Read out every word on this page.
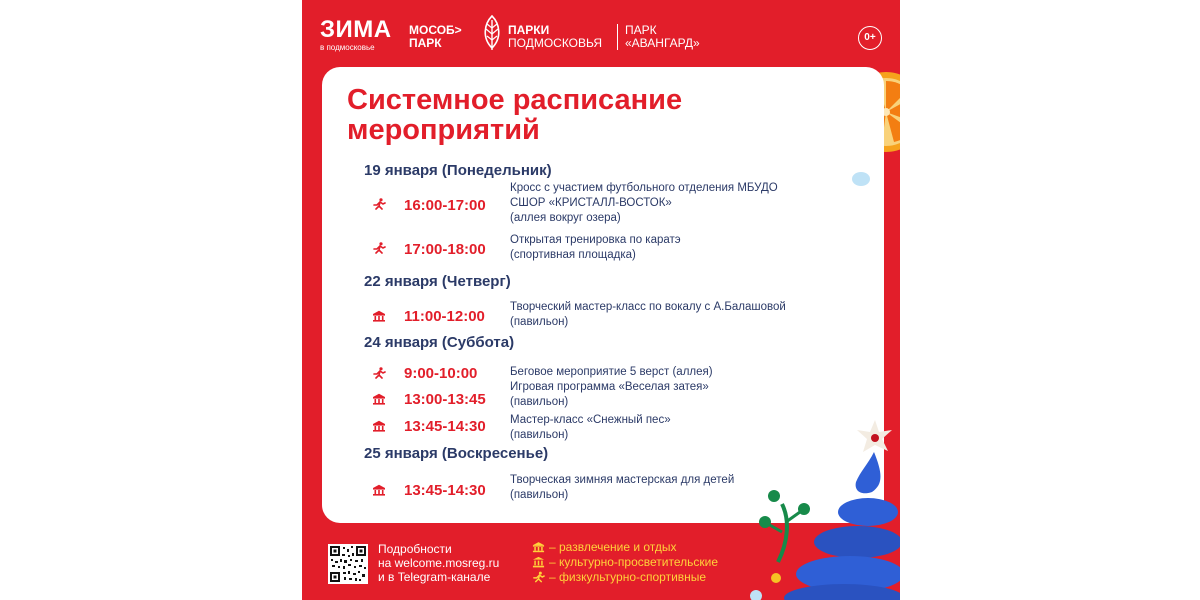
ЗИМА
в подмосковье
МОСОБ>
ПАРК
ПАРКИ
ПОДМОСКОВЬЯ
ПАРК
«АВАНГАРД»	0+
Системное расписание мероприятий
19 января (Понедельник)
16:00-17:00
Кросс с участием футбольного отделения МБУДО
СШОР «КРИСТАЛЛ-ВОСТОК»
(аллея вокруг озера)
17:00-18:00
Открытая тренировка по каратэ
(спортивная площадка)
22 января (Четверг)
11:00-12:00
Творческий мастер-класс по вокалу с А.Балашовой
(павильон)
24 января (Суббота)
9:00-10:00	Беговое мероприятие 5 верст (аллея)
13:00-13:45
Игровая программа «Веселая затея»
(павильон)
13:45-14:30 Мастер-класс «Снежный пес»
(павильон)
25 января (Воскресенье)
13:45-14:30
Творческая зимняя мастерская для детей
(павильон)
Подробности
на welcome.mosreg.ru
и в Telegram-канале
– развлечение и отдых
– культурно-просветительские
– физкультурно-спортивные
